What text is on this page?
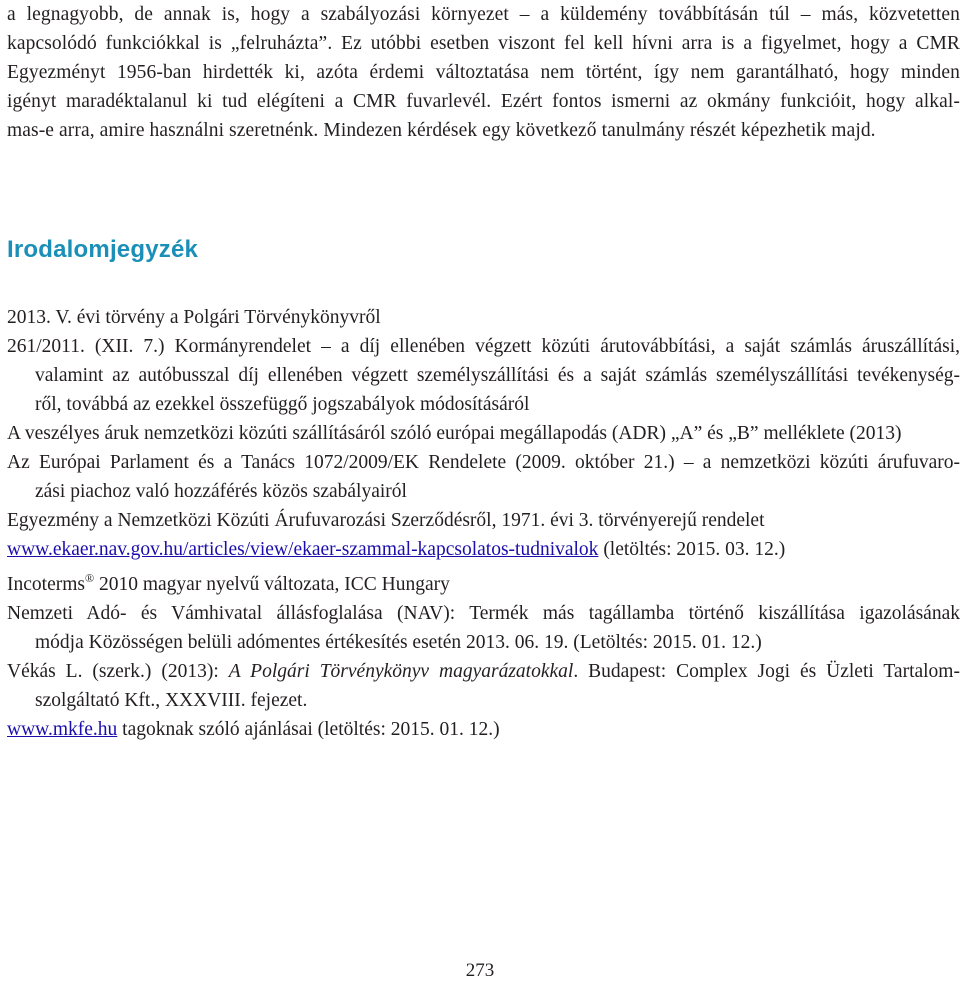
a legnagyobb, de annak is, hogy a szabályozási környezet – a küldemény továbbításán túl – más, közvetetten
kapcsolódó funkciókkal is „felruházta”. Ez utóbbi esetben viszont fel kell hívni arra is a figyelmet, hogy a CMR
Egyezményt 1956-ban hirdették ki, azóta érdemi változtatása nem történt, így nem garantálható, hogy minden
igényt maradéktalanul ki tud elégíteni a CMR fuvarlevél. Ezért fontos ismerni az okmány funkcióit, hogy alkal-
mas-e arra, amire használni szeretnénk. Mindezen kérdések egy következő tanulmány részét képezhetik majd.

Irodalomjegyzék

2013. V. évi törvény a Polgári Törvénykönyvről

261/2011. (XII. 7.) Kormányrendelet – a díj ellenében végzett közúti árutovábbítási, a saját számlás áruszállítási,
valamint az autóbusszal díj ellenében végzett személyszállítási és a saját számlás személyszállítási tevékenység-
ről, továbbá az ezekkel összefüggő jogszabályok módosításáról

A veszélyes áruk nemzetközi közúti szállításáról szóló európai megállapodás (ADR) „A” és „B” melléklete (2013)

Az Európai Parlament és a Tanács 1072/2009/EK Rendelete (2009. október 21.) – a nemzetközi közúti árufuvaro-
zási piachoz való hozzáférés közös szabályairól

Egyezmény a Nemzetközi Közúti Árufuvarozási Szerződésről, 1971. évi 3. törvényerejű rendelet

www.ekaer.nav.gov.hu/articles/view/ekaer-szammal-kapcsolatos-tudnivalok (letöltés: 2015. 03. 12.)

Incoterms® 2010 magyar nyelvű változata, ICC Hungary

Nemzeti Adó- és Vámhivatal állásfoglalása (NAV): Termék más tagállamba történő kiszállítása igazolásának
módja Közösségen belüli adómentes értékesítés esetén 2013. 06. 19. (Letöltés: 2015. 01. 12.)

Vékás L. (szerk.) (2013): A Polgári Törvénykönyv magyarázatokkal. Budapest: Complex Jogi és Üzleti Tartalom-
szolgáltató Kft., XXXVIII. fejezet.

www.mkfe.hu tagoknak szóló ajánlásai (letöltés: 2015. 01. 12.)

273
